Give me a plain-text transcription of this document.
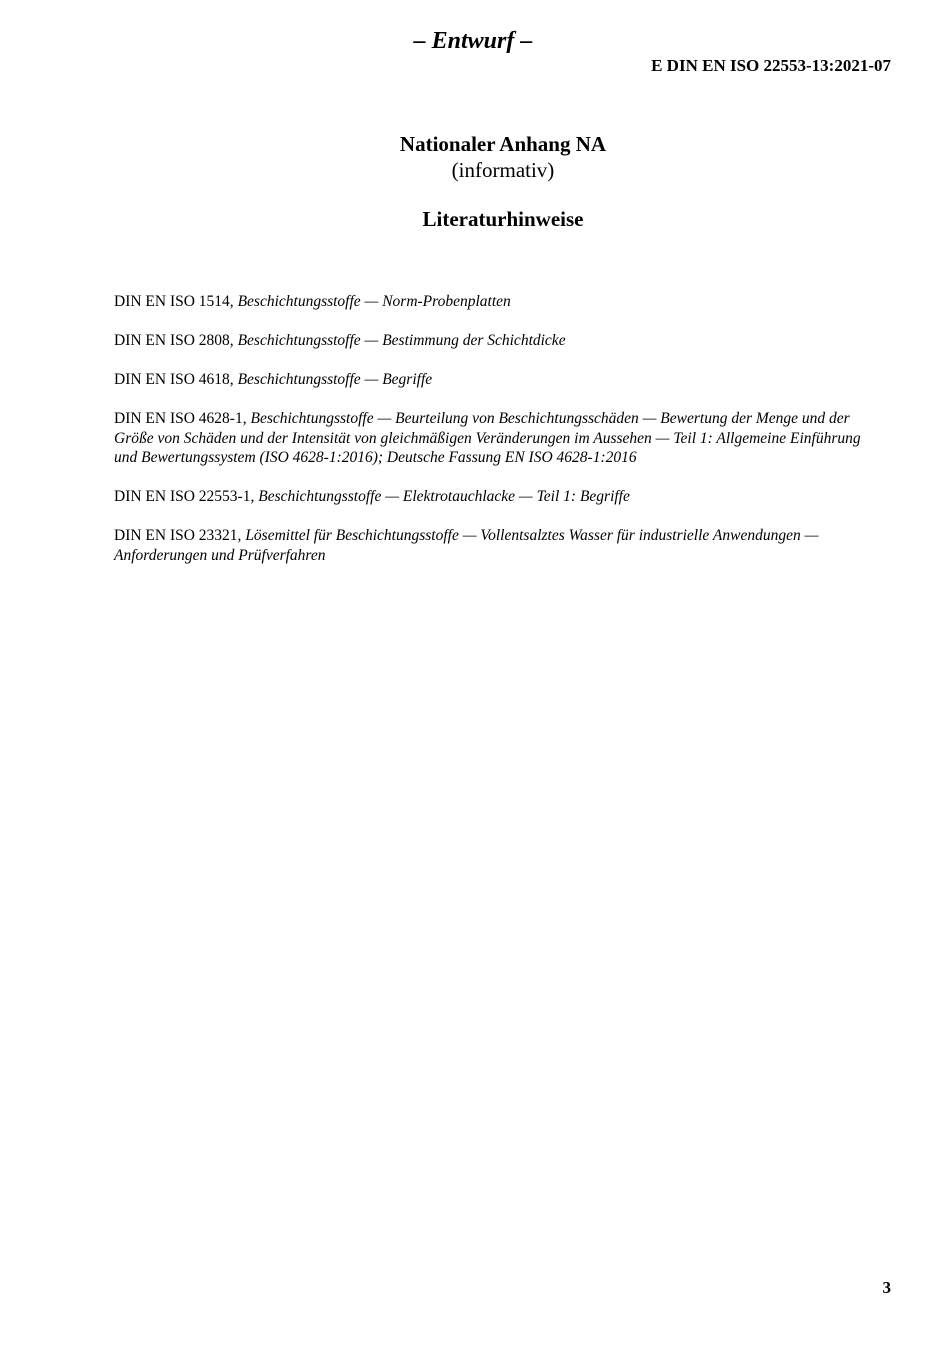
– Entwurf –
E DIN EN ISO 22553-13:2021-07
Nationaler Anhang NA
(informativ)
Literaturhinweise

DIN EN ISO 1514, Beschichtungsstoffe — Norm-Probenplatten

DIN EN ISO 2808, Beschichtungsstoffe — Bestimmung der Schichtdicke

DIN EN ISO 4618, Beschichtungsstoffe — Begriffe

DIN EN ISO 4628-1, Beschichtungsstoffe — Beurteilung von Beschichtungsschäden — Bewertung der Menge und der Größe von Schäden und der Intensität von gleichmäßigen Veränderungen im Aussehen — Teil 1: Allgemeine Einführung und Bewertungssystem (ISO 4628-1:2016); Deutsche Fassung EN ISO 4628-1:2016

DIN EN ISO 22553-1, Beschichtungsstoffe — Elektrotauchlacke — Teil 1: Begriffe

DIN EN ISO 23321, Lösemittel für Beschichtungsstoffe — Vollentsalztes Wasser für industrielle Anwendungen — Anforderungen und Prüfverfahren

3
